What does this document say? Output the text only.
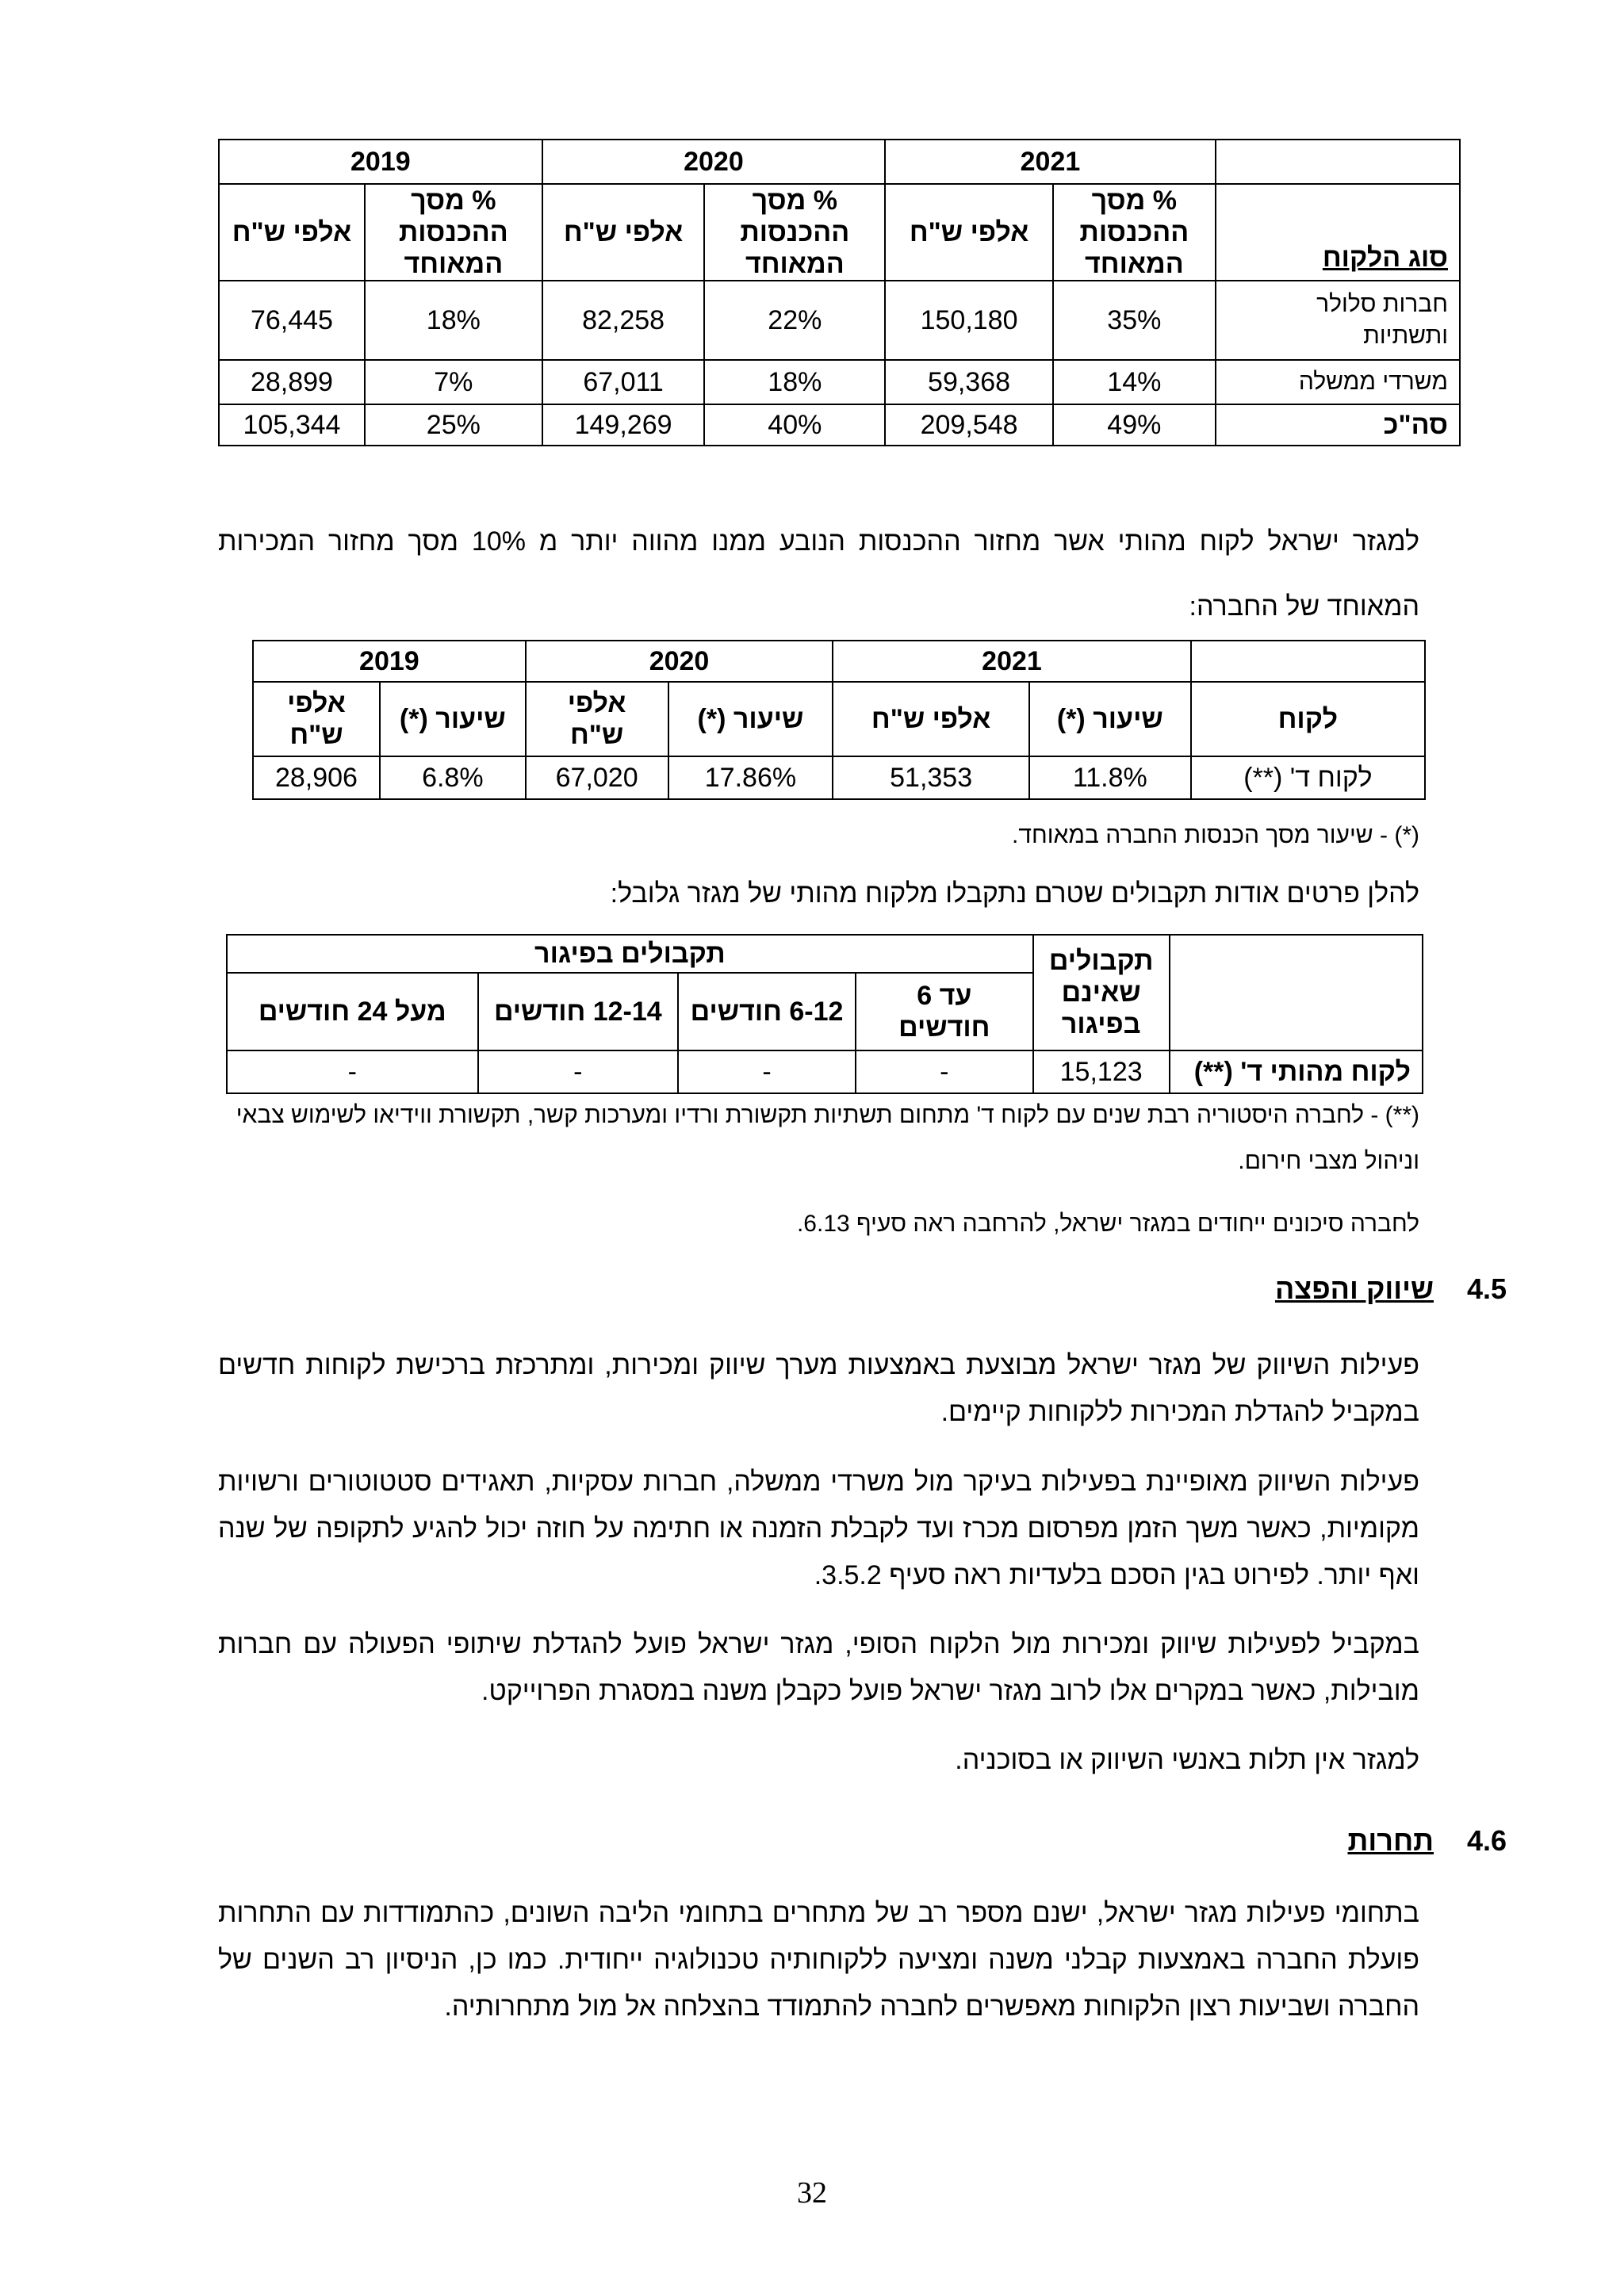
	2021		2020		2019	
סוג הלקוח	% מסך ההכנסות המאוחד	אלפי ש"ח	% מסך ההכנסות המאוחד	אלפי ש"ח	% מסך ההכנסות המאוחד	אלפי ש"ח
חברות סלולר ותשתיות	35%	150,180	22%	82,258	18%	76,445
משרדי ממשלה	14%	59,368	18%	67,011	7%	28,899
סה"כ	49%	209,548	40%	149,269	25%	105,344

למגזר ישראל לקוח מהותי אשר מחזור ההכנסות הנובע ממנו מהווה יותר מ 10% מסך מחזור המכירות המאוחד של החברה:

	2021		2020		2019	
לקוח	שיעור (*)	אלפי ש"ח	שיעור (*)	אלפי ש"ח	שיעור (*)	אלפי ש"ח
לקוח ד' (**)	11.8%	51,353	17.86%	67,020	6.8%	28,906
(*) - שיעור מסך הכנסות החברה במאוחד.

להלן פרטים אודות תקבולים שטרם נתקבלו מלקוח מהותי של מגזר גלובל:

	תקבולים שאינם בפיגור	תקבולים בפיגור			
		עד 6 חודשים	6-12 חודשים	12-14 חודשים	מעל 24 חודשים
לקוח מהותי ד' (**)	15,123	-	-	-	-
(**) - לחברה היסטוריה רבת שנים עם לקוח ד' מתחום תשתיות תקשורת ורדיו ומערכות קשר, תקשורת ווידיאו לשימוש צבאי וניהול מצבי חירום.
לחברה סיכונים ייחודים במגזר ישראל, להרחבה ראה סעיף 6.13.
4.5
שיווק והפצה

פעילות השיווק של מגזר ישראל מבוצעת באמצעות מערך שיווק ומכירות, ומתרכזת ברכישת לקוחות חדשים במקביל להגדלת המכירות ללקוחות קיימים.

פעילות השיווק מאופיינת בפעילות בעיקר מול משרדי ממשלה, חברות עסקיות, תאגידים סטטוטורים ורשויות מקומיות, כאשר משך הזמן מפרסום מכרז ועד לקבלת הזמנה או חתימה על חוזה יכול להגיע לתקופה של שנה ואף יותר. לפירוט בגין הסכם בלעדיות ראה סעיף 3.5.2.

במקביל לפעילות שיווק ומכירות מול הלקוח הסופי, מגזר ישראל פועל להגדלת שיתופי הפעולה עם חברות מובילות, כאשר במקרים אלו לרוב מגזר ישראל פועל כקבלן משנה במסגרת הפרוייקט.

למגזר אין תלות באנשי השיווק או בסוכניה.

4.6
תחרות

בתחומי פעילות מגזר ישראל, ישנם מספר רב של מתחרים בתחומי הליבה השונים, כהתמודדות עם התחרות פועלת החברה באמצעות קבלני משנה ומציעה ללקוחותיה טכנולוגיה ייחודית. כמו כן, הניסיון רב השנים של החברה ושביעות רצון הלקוחות מאפשרים לחברה להתמודד בהצלחה אל מול מתחרותיה.

32
